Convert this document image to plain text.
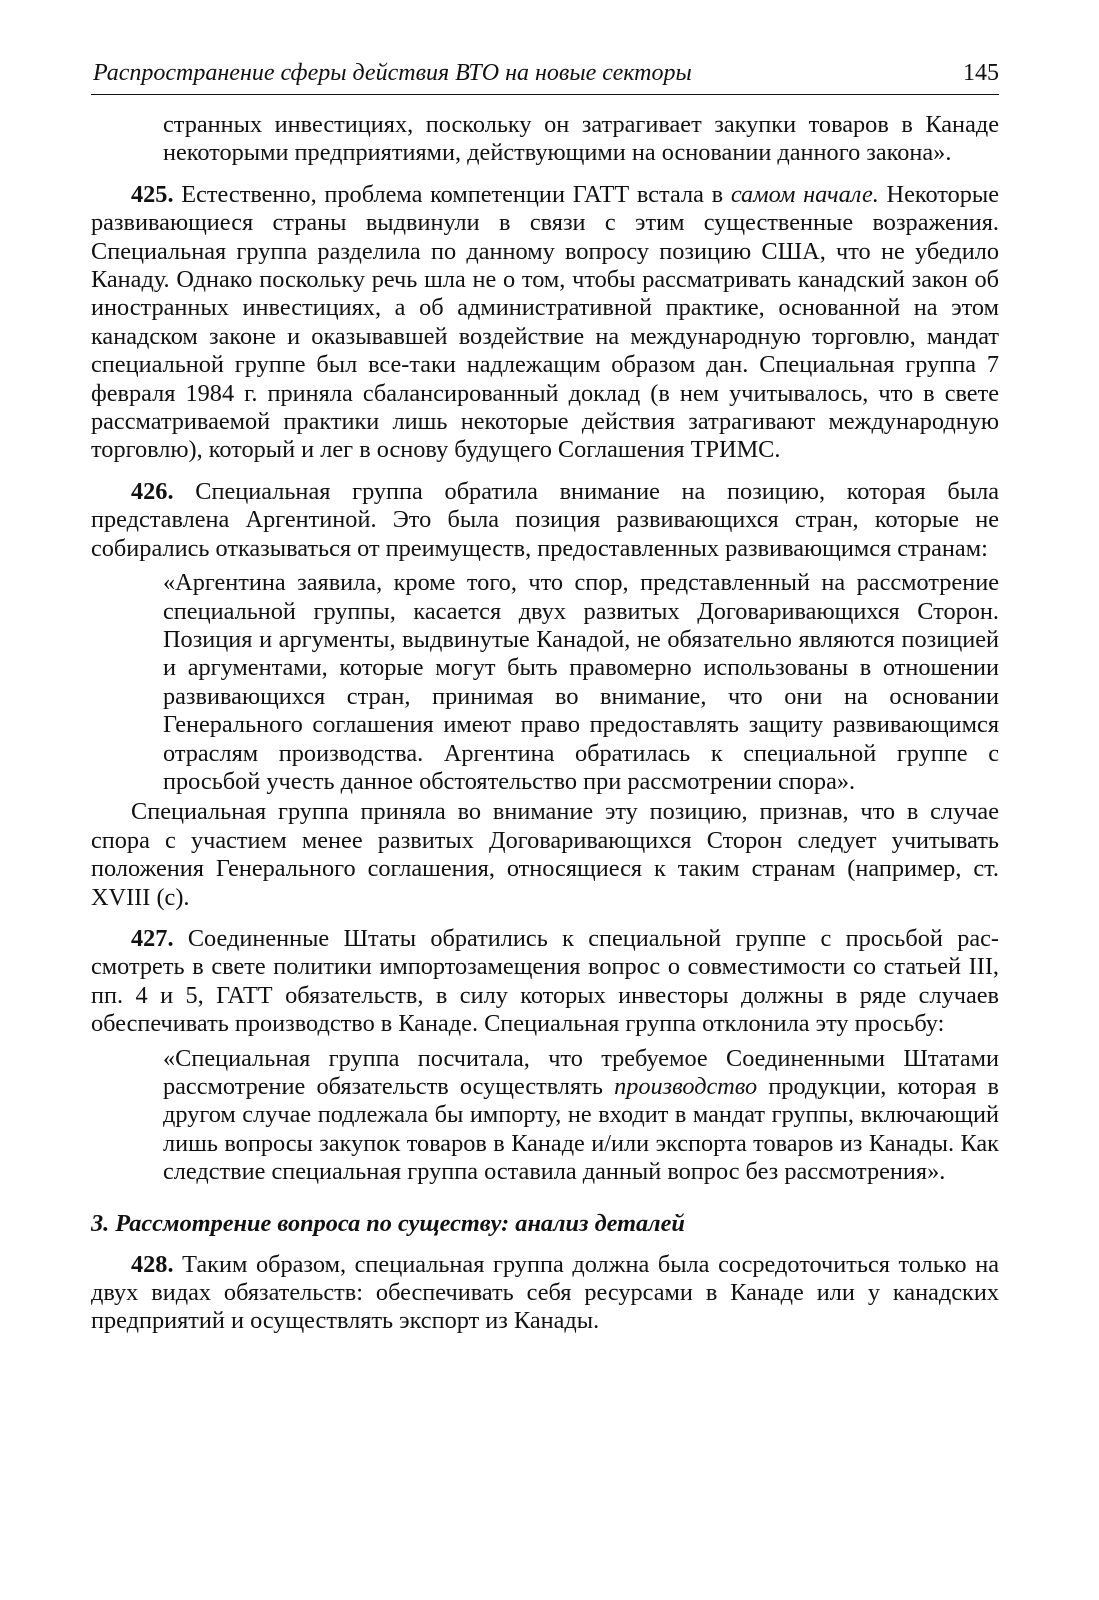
Распространение сферы действия ВТО на новые секторы	145

странных инвестициях, поскольку он затрагивает закупки товаров в Канаде некоторыми предприятиями, действующими на основании данного закона».

425. Естественно, проблема компетенции ГАТТ встала в самом начале. Некоторые развивающиеся страны выдвинули в связи с этим существенные возражения. Специальная группа разделила по данному вопросу позицию США, что не убедило Канаду. Однако поскольку речь шла не о том, чтобы рассматривать канадский закон об иностранных инвестициях, а об административной практике, основанной на этом канадском законе и оказывавшей воздействие на международную торговлю, мандат специальной группе был все-таки надлежащим образом дан. Специальная группа 7 февраля 1984 г. приняла сбалансированный доклад (в нем учитывалось, что в свете рассматриваемой практики лишь некоторые действия затрагивают международную торговлю), который и лег в основу будущего Соглашения ТРИМС.

426. Специальная группа обратила внимание на позицию, которая была представлена Аргентиной. Это была позиция развивающихся стран, которые не собирались отказываться от преимуществ, предоставленных развивающимся странам:

«Аргентина заявила, кроме того, что спор, представленный на рассмотрение специальной группы, касается двух развитых Договаривающихся Сторон. Позиция и аргументы, выдвинутые Канадой, не обязательно являются позицией и аргументами, которые могут быть правомерно использованы в отношении развивающихся стран, принимая во внимание, что они на основании Генерального соглашения имеют право предоставлять защиту развивающимся отраслям производства. Аргентина обратилась к специальной группе с просьбой учесть данное обстоятельство при рассмотрении спора».

Специальная группа приняла во внимание эту позицию, признав, что в случае спора с участием менее развитых Договаривающихся Сторон следует учитывать положения Генерального соглашения, относящиеся к таким странам (например, ст. XVIII (c).

427. Соединенные Штаты обратились к специальной группе с просьбой рассмотреть в свете политики импортозамещения вопрос о совместимости со статьей III, пп. 4 и 5, ГАТТ обязательств, в силу которых инвесторы должны в ряде случаев обеспечивать производство в Канаде. Специальная группа отклонила эту просьбу:

«Специальная группа посчитала, что требуемое Соединенными Штатами рассмотрение обязательств осуществлять производство продукции, которая в другом случае подлежала бы импорту, не входит в мандат группы, включающий лишь вопросы закупок товаров в Канаде и/или экспорта товаров из Канады. Как следствие специальная группа оставила данный вопрос без рассмотрения».

3. Рассмотрение вопроса по существу: анализ деталей

428. Таким образом, специальная группа должна была сосредоточиться только на двух видах обязательств: обеспечивать себя ресурсами в Канаде или у канадских предприятий и осуществлять экспорт из Канады.
